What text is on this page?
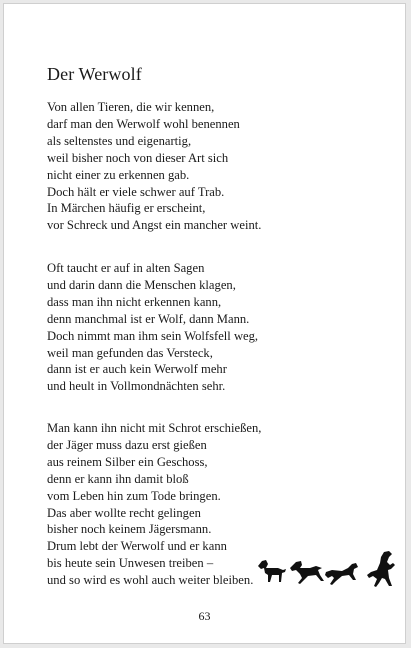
Der Werwolf
Von allen Tieren, die wir kennen,
darf man den Werwolf wohl benennen
als seltenstes und eigenartig,
weil bisher noch von dieser Art sich
nicht einer zu erkennen gab.
Doch hält er viele schwer auf Trab.
In Märchen häufig er erscheint,
vor Schreck und Angst ein mancher weint.
Oft taucht er auf in alten Sagen
und darin dann die Menschen klagen,
dass man ihn nicht erkennen kann,
denn manchmal ist er Wolf, dann Mann.
Doch nimmt man ihm sein Wolfsfell weg,
weil man gefunden das Versteck,
dann ist er auch kein Werwolf mehr
und heult in Vollmondnächten sehr.
Man kann ihn nicht mit Schrot erschießen,
der Jäger muss dazu erst gießen
aus reinem Silber ein Geschoss,
denn er kann ihn damit bloß
vom Leben hin zum Tode bringen.
Das aber wollte recht gelingen
bisher noch keinem Jägersmann.
Drum lebt der Werwolf und er kann
bis heute sein Unwesen treiben –
und so wird es wohl auch weiter bleiben.
63
